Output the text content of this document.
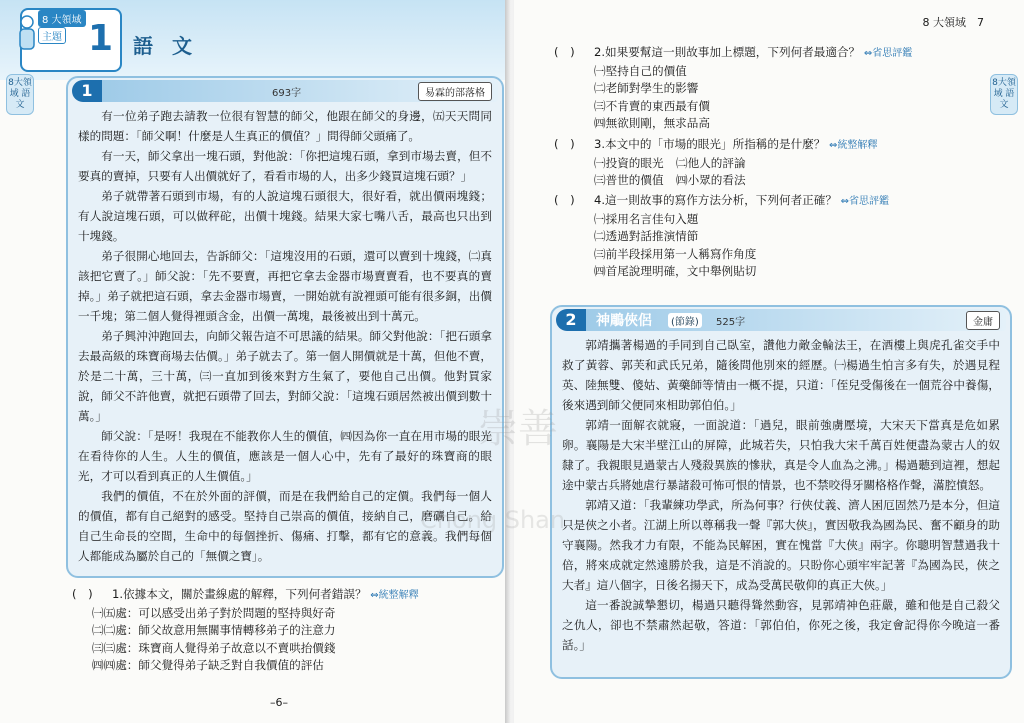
8 大領域
主題 1 語 文
8大領域 語文
1	693字	易霖的部落格

有一位弟子跑去請教一位很有智慧的師父，他跟在師父的身邊，㈤天天問同樣的問題：「師父啊！什麼是人生真正的價值？」問得師父頭痛了。

有一天，師父拿出一塊石頭，對他說：「你把這塊石頭，拿到市場去賣，但不要真的賣掉，只要有人出價就好了，看看市場的人，出多少錢買這塊石頭？」

弟子就帶著石頭到市場，有的人說這塊石頭很大，很好看，就出價兩塊錢；有人說這塊石頭，可以做秤砣，出價十塊錢。結果大家七嘴八舌，最高也只出到十塊錢。

弟子很開心地回去，告訴師父：「這塊沒用的石頭，還可以賣到十塊錢，㈡真該把它賣了。」師父說：「先不要賣，再把它拿去金器市場賣賣看，也不要真的賣掉。」弟子就把這石頭，拿去金器市場賣，一開始就有說裡頭可能有很多銅，出價一千塊；第二個人覺得裡頭含金，出價一萬塊，最後被出到十萬元。

弟子興沖沖跑回去，向師父報告這不可思議的結果。師父對他說：「把石頭拿去最高級的珠寶商場去估價。」弟子就去了。第一個人開價就是十萬，但他不賣，於是二十萬，三十萬，㈢一直加到後來對方生氣了，要他自己出價。他對買家說，師父不許他賣，就把石頭帶了回去，對師父說：「這塊石頭居然被出價到數十萬。」

師父說：「是呀！我現在不能教你人生的價值，㈣因為你一直在用市場的眼光在看待你的人生。人生的價值，應該是一個人心中，先有了最好的珠寶商的眼光，才可以看到真正的人生價值。」

我們的價值，不在於外面的評價，而是在我們給自己的定價。我們每一個人的價值，都有自己絕對的感受。堅持自己崇高的價值，接納自己，磨礪自己。給自己生命長的空間，生命中的每個挫折、傷痛、打擊，都有它的意義。我們每個人都能成為屬於自己的「無價之寶」。

(　) 1.依據本文，關於畫線處的解釋，下列何者錯誤？ ⇔統整解釋
㈠㈤處：可以感受出弟子對於問題的堅持與好奇
㈡㈡處：師父故意用無關事情轉移弟子的注意力
㈢㈢處：珠寶商人覺得弟子故意以不賣哄抬價錢
㈣㈣處：師父覺得弟子缺乏對自我價值的評估
–6–
8 大領域　7
8大領域 語文
(　) 2.如果要幫這一則故事加上標題，下列何者最適合？ ⇔省思評鑑
㈠堅持自己的價值
㈡老師對學生的影響
㈢不肯賣的東西最有價
㈣無欲則剛，無求品高
(　) 3.本文中的「市場的眼光」所指稱的是什麼？ ⇔統整解釋
㈠投資的眼光 ㈡他人的評論
㈢普世的價值 ㈣小眾的看法
(　) 4.這一則故事的寫作方法分析，下列何者正確？ ⇔省思評鑑
㈠採用名言佳句入題
㈡透過對話推演情節
㈢前半段採用第一人稱寫作角度
㈣首尾說理明確，文中舉例貼切
2	神鵰俠侶	(節錄)	525字	金庸

郭靖攜著楊過的手同到自己臥室，讚他力敵金輪法王，在酒樓上與虎孔雀交手中救了黃蓉、郭芙和武氏兄弟，隨後問他別來的經歷。㈠楊過生怕言多有失，於遇見程英、陸無雙、傻姑、黃藥師等情由一概不提，只道：「侄兒受傷後在一個荒谷中養傷，後來遇到師父便同來相助郭伯伯。」

郭靖一面解衣就寢，一面說道：「過兒，眼前強虜壓境，大宋天下當真是危如累卵。襄陽是大宋半壁江山的屏障，此城若失，只怕我大宋千萬百姓便盡為蒙古人的奴隸了。我親眼見過蒙古人殘殺異族的慘狀，真是令人血為之沸。」楊過聽到這裡，想起途中蒙古兵將她虐行暴諸殺可怖可恨的情景，也不禁咬得牙關格格作聲，滿腔憤怒。

郭靖又道：「我輩練功學武，所為何事？行俠仗義、濟人困厄固然乃是本分，但這只是俠之小者。江湖上所以尊稱我一聲『郭大俠』，實因敬我為國為民、奮不顧身的助守襄陽。然我才力有限，不能為民解困，實在愧當『大俠』兩字。你聰明智慧過我十倍，將來成就定然遠勝於我，這是不消說的。只盼你心頭牢牢記著『為國為民，俠之大者』這八個字，日後名揚天下，成為受萬民敬仰的真正大俠。」

這一番說誠摯懇切，楊過只聽得聳然動容，見郭靖神色莊嚴，雖和他是自己殺父之仇人，卻也不禁肅然起敬，答道：「郭伯伯，你死之後，我定會記得你今晚這一番話。」

崇善
Chong Shan
